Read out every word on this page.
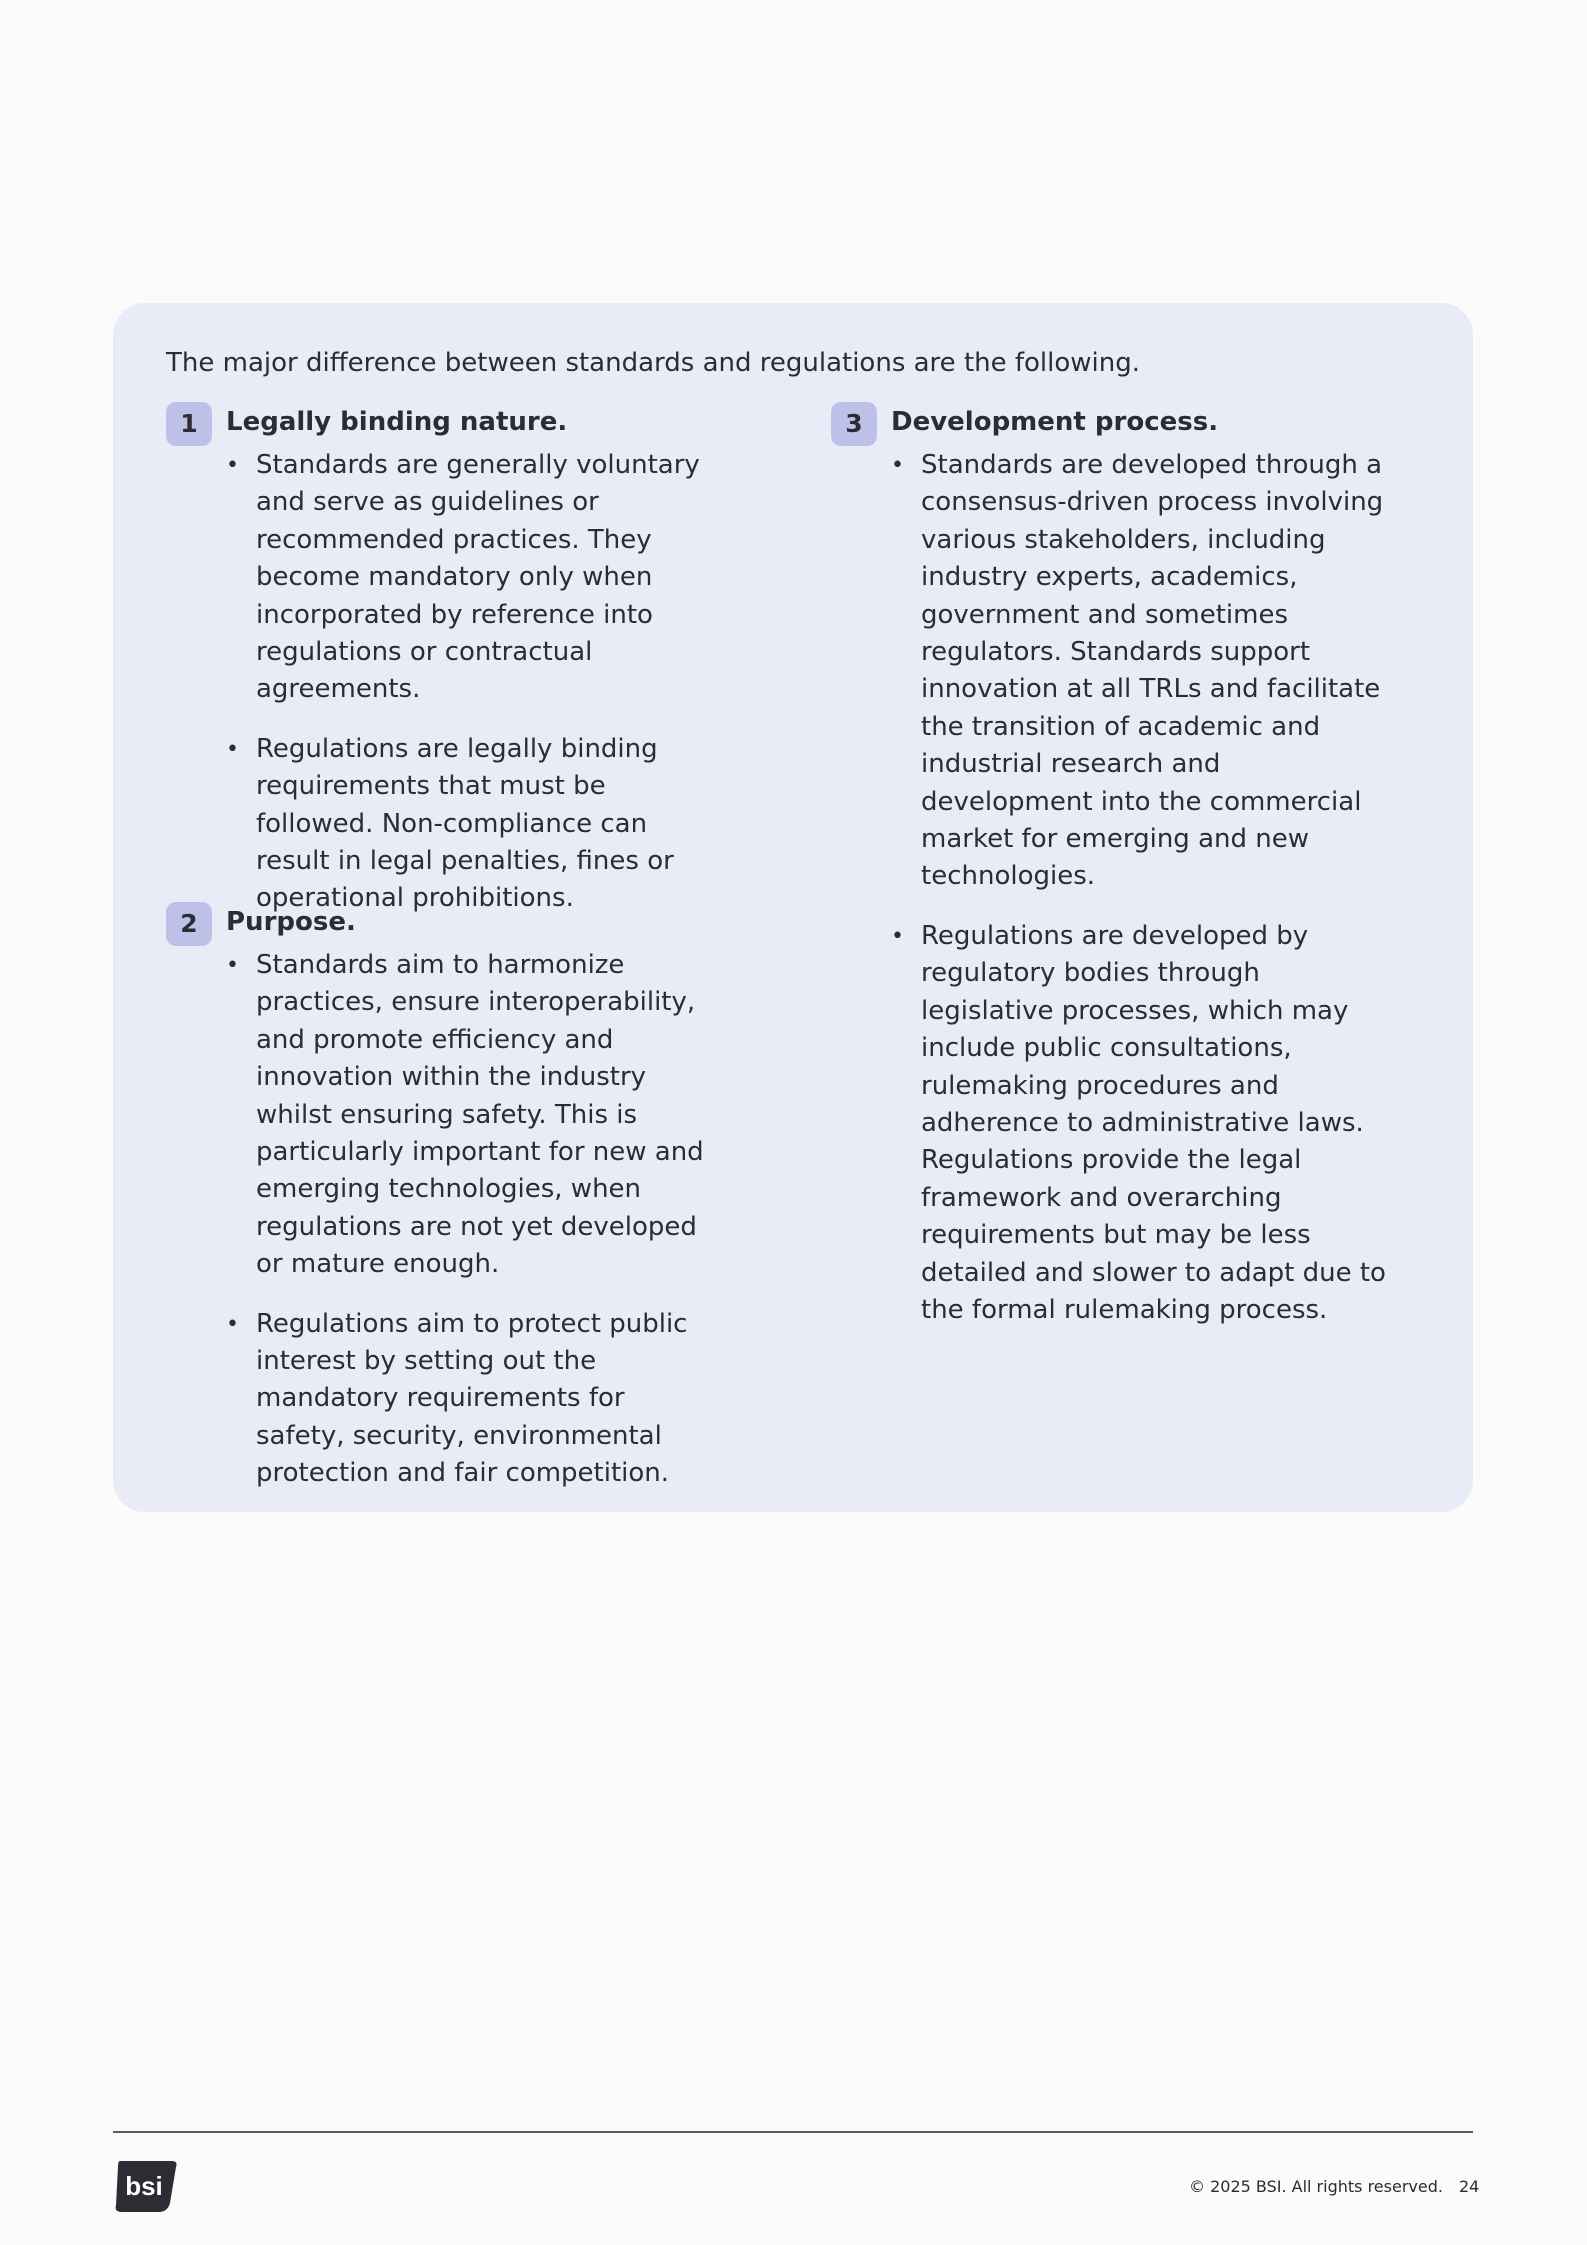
The major difference between standards and regulations are the following.
1	Legally binding nature.
• Standards are generally voluntary and serve as guidelines or recommended practices. They become mandatory only when incorporated by reference into regulations or contractual agreements.
• Regulations are legally binding requirements that must be followed. Non-compliance can result in legal penalties, fines or operational prohibitions.
2	Purpose.
• Standards aim to harmonize practices, ensure interoperability, and promote efficiency and innovation within the industry whilst ensuring safety. This is particularly important for new and emerging technologies, when regulations are not yet developed or mature enough.
• Regulations aim to protect public interest by setting out the mandatory requirements for safety, security, environmental protection and fair competition.
3	Development process.
• Standards are developed through a consensus-driven process involving various stakeholders, including industry experts, academics, government and sometimes regulators. Standards support innovation at all TRLs and facilitate the transition of academic and industrial research and development into the commercial market for emerging and new technologies.
• Regulations are developed by regulatory bodies through legislative processes, which may include public consultations, rulemaking procedures and adherence to administrative laws. Regulations provide the legal framework and overarching requirements but may be less detailed and slower to adapt due to the formal rulemaking process.
bsi	© 2025 BSI. All rights reserved. 24
